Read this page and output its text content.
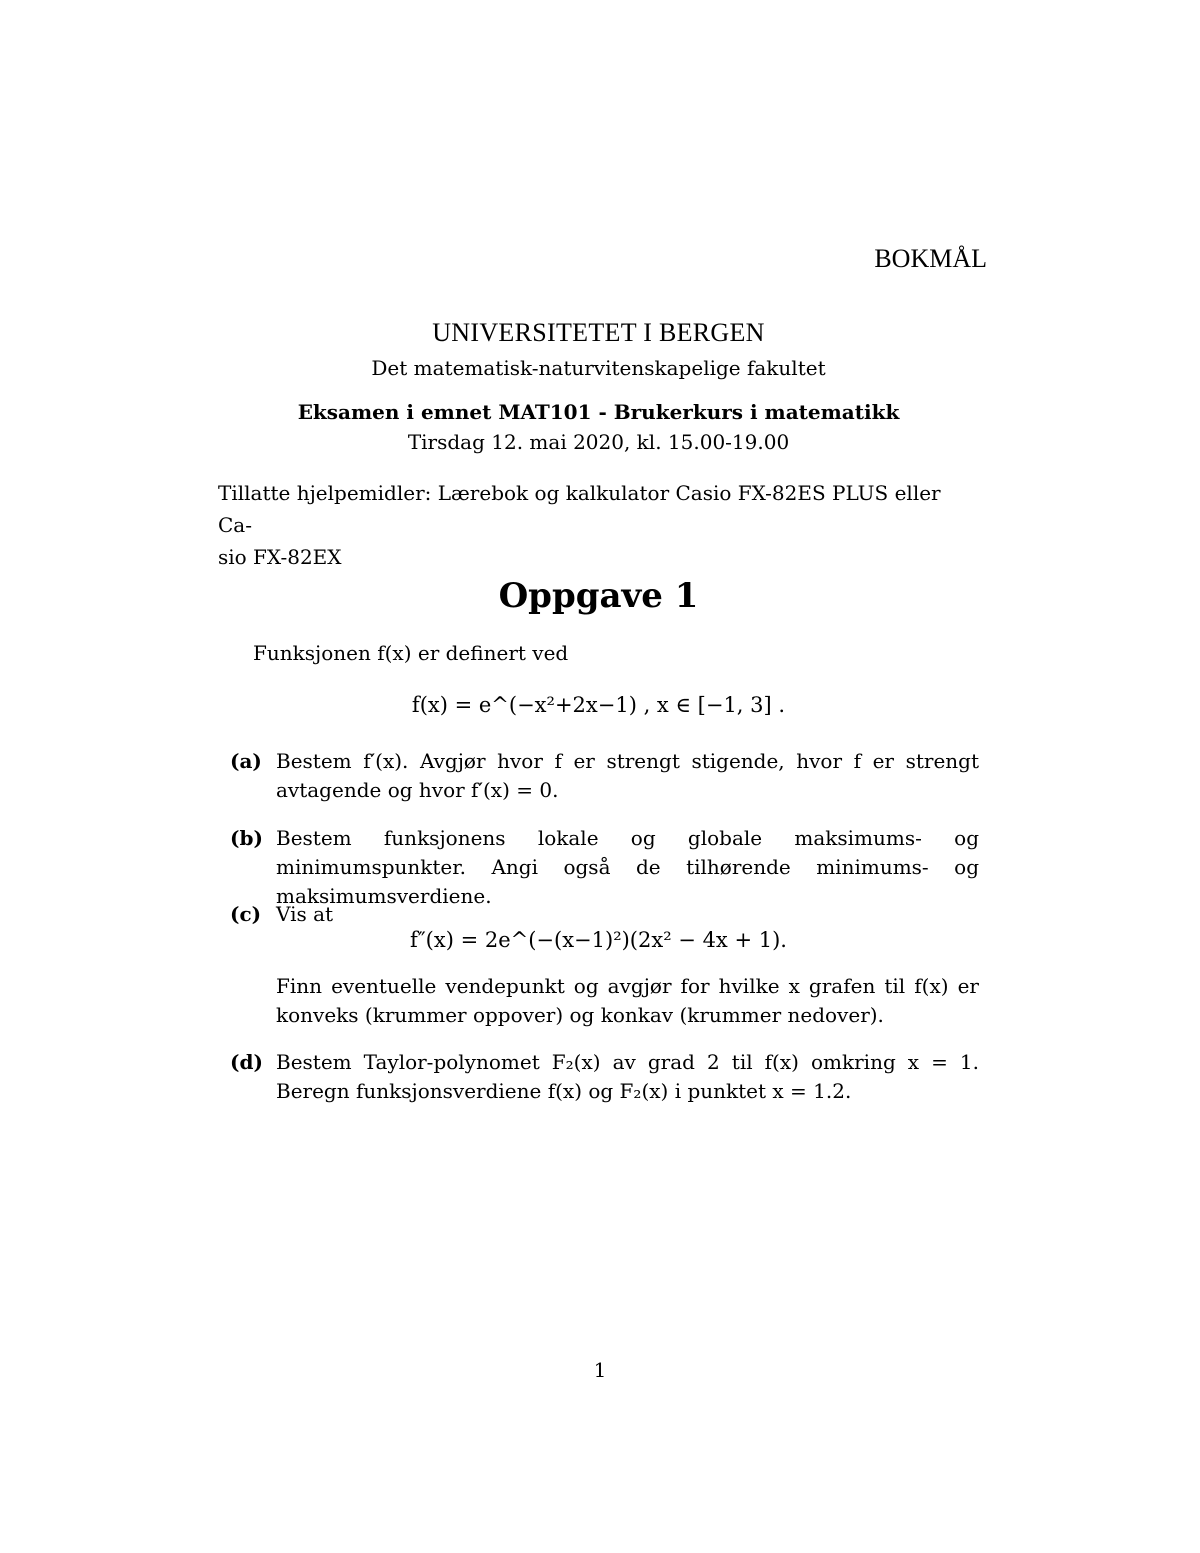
BOKMÅL
UNIVERSITETET I BERGEN
Det matematisk-naturvitenskapelige fakultet
Eksamen i emnet MAT101 - Brukerkurs i matematikk
Tirsdag 12. mai 2020, kl. 15.00-19.00
Tillatte hjelpemidler: Lærebok og kalkulator Casio FX-82ES PLUS eller Ca-
sio FX-82EX
Oppgave 1
Funksjonen f(x) er definert ved
f(x) = e^(−x²+2x−1) , x ∈ [−1, 3] .
(a) Bestem f′(x). Avgjør hvor f er strengt stigende, hvor f er strengt avtagende og hvor f′(x) = 0.
(b) Bestem funksjonens lokale og globale maksimums- og minimumspunkter. Angi også de tilhørende minimums- og maksimumsverdiene.
(c) Vis at
f″(x) = 2e^(−(x−1)²)(2x² − 4x + 1).
Finn eventuelle vendepunkt og avgjør for hvilke x grafen til f(x) er konveks (krummer oppover) og konkav (krummer nedover).
(d) Bestem Taylor-polynomet F₂(x) av grad 2 til f(x) omkring x = 1. Beregn funksjonsverdiene f(x) og F₂(x) i punktet x = 1.2.
1
